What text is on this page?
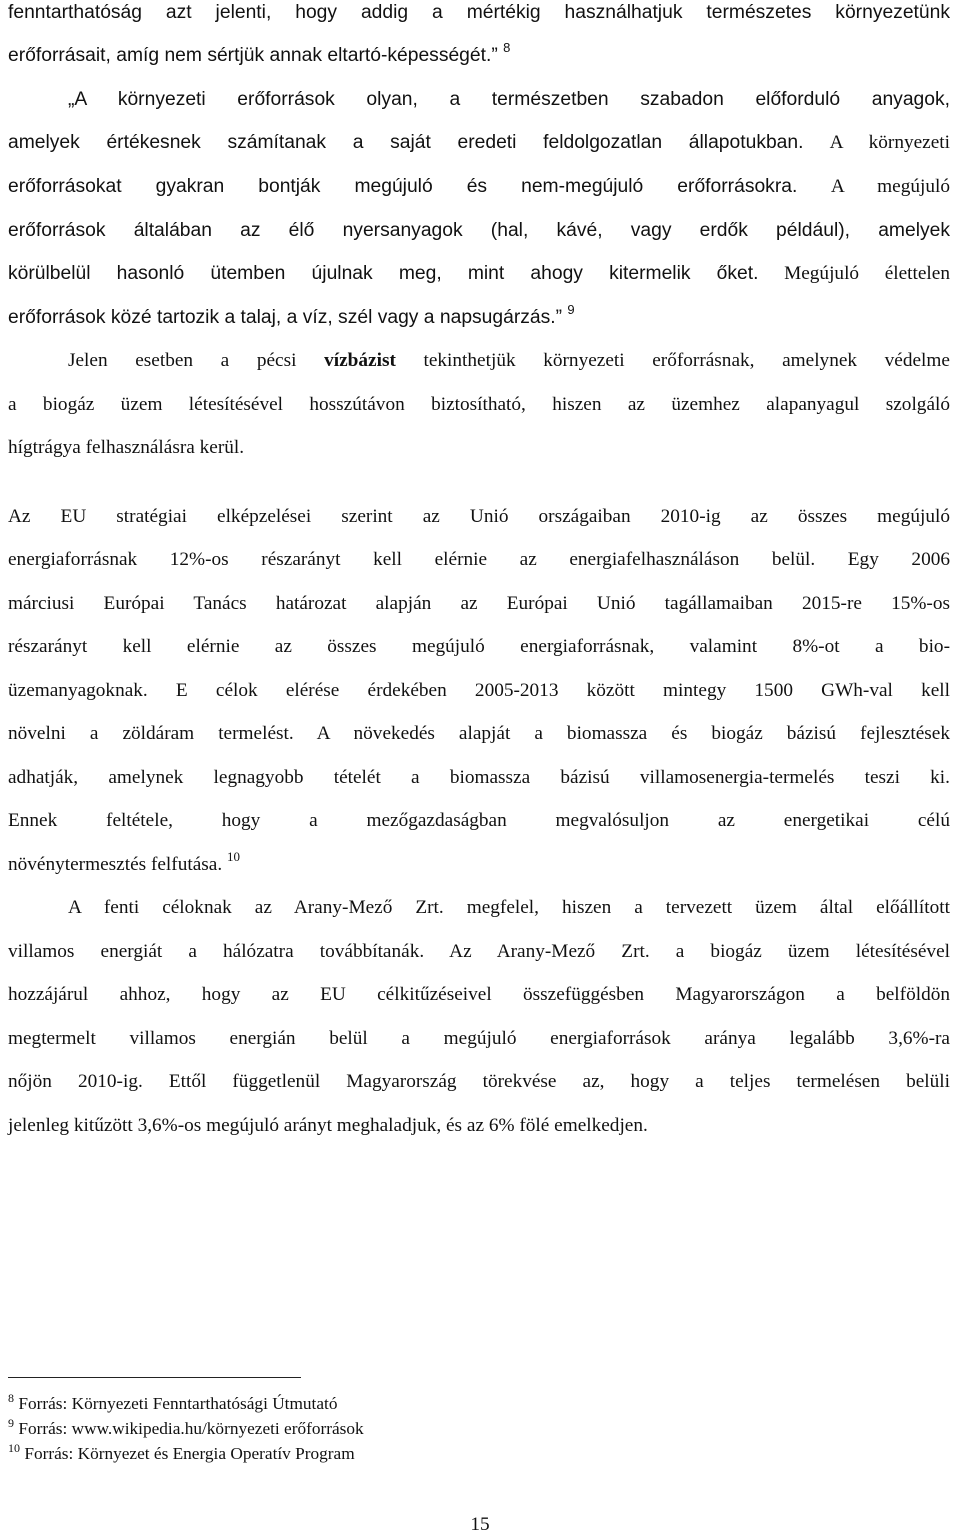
fenntarthatóság azt jelenti, hogy addig a mértékig használhatjuk természetes környezetünk
erőforrásait, amíg nem sértjük annak eltartó-képességét.” $^8$
„A környezeti erőforrások olyan, a természetben szabadon előforduló anyagok,
amelyek értékesnek számítanak a saját eredeti feldolgozatlan állapotukban. A környezeti
erőforrásokat gyakran bontják megújuló és nem-megújuló erőforrásokra. A megújuló
erőforrások általában az élő nyersanyagok (hal, kávé, vagy erdők például), amelyek
körülbelül hasonló ütemben újulnak meg, mint ahogy kitermelik őket. Megújuló élettelen
erőforrások közé tartozik a talaj, a víz, szél vagy a napsugárzás.” $^9$
Jelen esetben a pécsi vízbázist tekinthetjük környezeti erőforrásnak, amelynek védelme
a biogáz üzem létesítésével hosszútávon biztosítható, hiszen az üzemhez alapanyagul szolgáló
hígtrágya felhasználásra kerül.
Az EU stratégiai elképzelései szerint az Unió országaiban 2010-ig az összes megújuló
energiaforrásnak 12%-os részarányt kell elérnie az energiafelhasználáson belül. Egy 2006
márciusi Európai Tanács határozat alapján az Európai Unió tagállamaiban 2015-re 15%-os
részarányt kell elérnie az összes megújuló energiaforrásnak, valamint 8%-ot a bio-
üzemanyagoknak. E célok elérése érdekében 2005-2013 között mintegy 1500 GWh-val kell
növelni a zöldáram termelést. A növekedés alapját a biomassza és biogáz bázisú fejlesztések
adhatják, amelynek legnagyobb tételét a biomassza bázisú villamosenergia-termelés teszi ki.
Ennek feltétele, hogy a mezőgazdaságban megvalósuljon az energetikai célú
növénytermesztés felfutása. $^{10}$
A fenti céloknak az Arany-Mező Zrt. megfelel, hiszen a tervezett üzem által előállított
villamos energiát a hálózatra továbbítanák. Az Arany-Mező Zrt. a biogáz üzem létesítésével
hozzájárul ahhoz, hogy az EU célkitűzéseivel összefüggésben Magyarországon a belföldön
megtermelt villamos energián belül a megújuló energiaforrások aránya legalább 3,6%-ra
nőjön 2010-ig. Ettől függetlenül Magyarország törekvése az, hogy a teljes termelésen belüli
jelenleg kitűzött 3,6%-os megújuló arányt meghaladjuk, és az 6% fölé emelkedjen.
$^8$ Forrás: Környezeti Fenntarthatósági Útmutató
$^9$ Forrás: www.wikipedia.hu/környezeti erőforrások
$^{10}$ Forrás: Környezet és Energia Operatív Program
15
